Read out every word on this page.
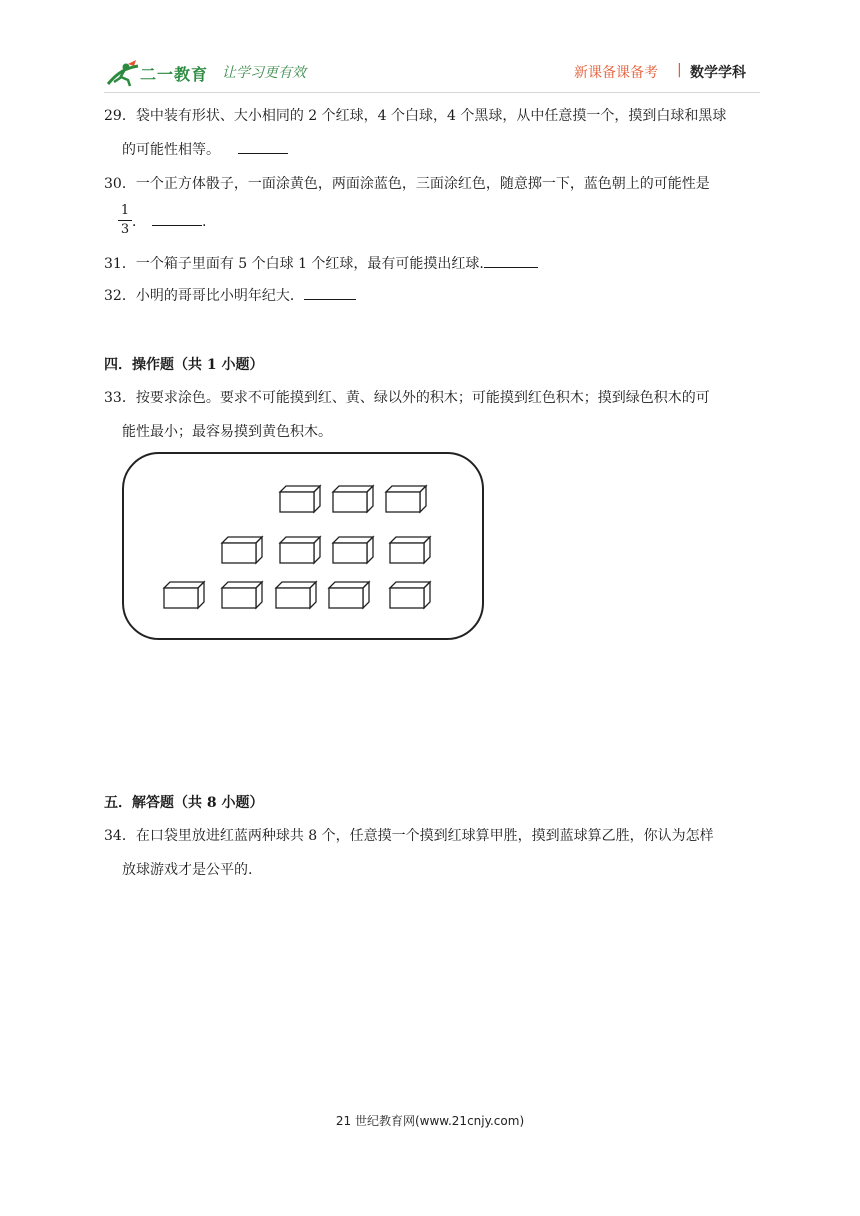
二一教育 让学习更有效	新课备课备考 | 数学学科
29．袋中装有形状、大小相同的 2 个红球，4 个白球，4 个黑球，从中任意摸一个，摸到白球和黑球
的可能性相等。
30．一个正方体骰子，一面涂黄色，两面涂蓝色，三面涂红色，随意掷一下，蓝色朝上的可能性是
1
3 ．	.
31．一个箱子里面有 5 个白球 1 个红球，最有可能摸出红球.
32．小明的哥哥比小明年纪大．
四．操作题（共 1 小题）
33．按要求涂色。要求不可能摸到红、黄、绿以外的积木；可能摸到红色积木；摸到绿色积木的可
能性最小；最容易摸到黄色积木。
五．解答题（共 8 小题）
34．在口袋里放进红蓝两种球共 8 个，任意摸一个摸到红球算甲胜，摸到蓝球算乙胜，你认为怎样
放球游戏才是公平的.
21 世纪教育网(www.21cnjy.com)
